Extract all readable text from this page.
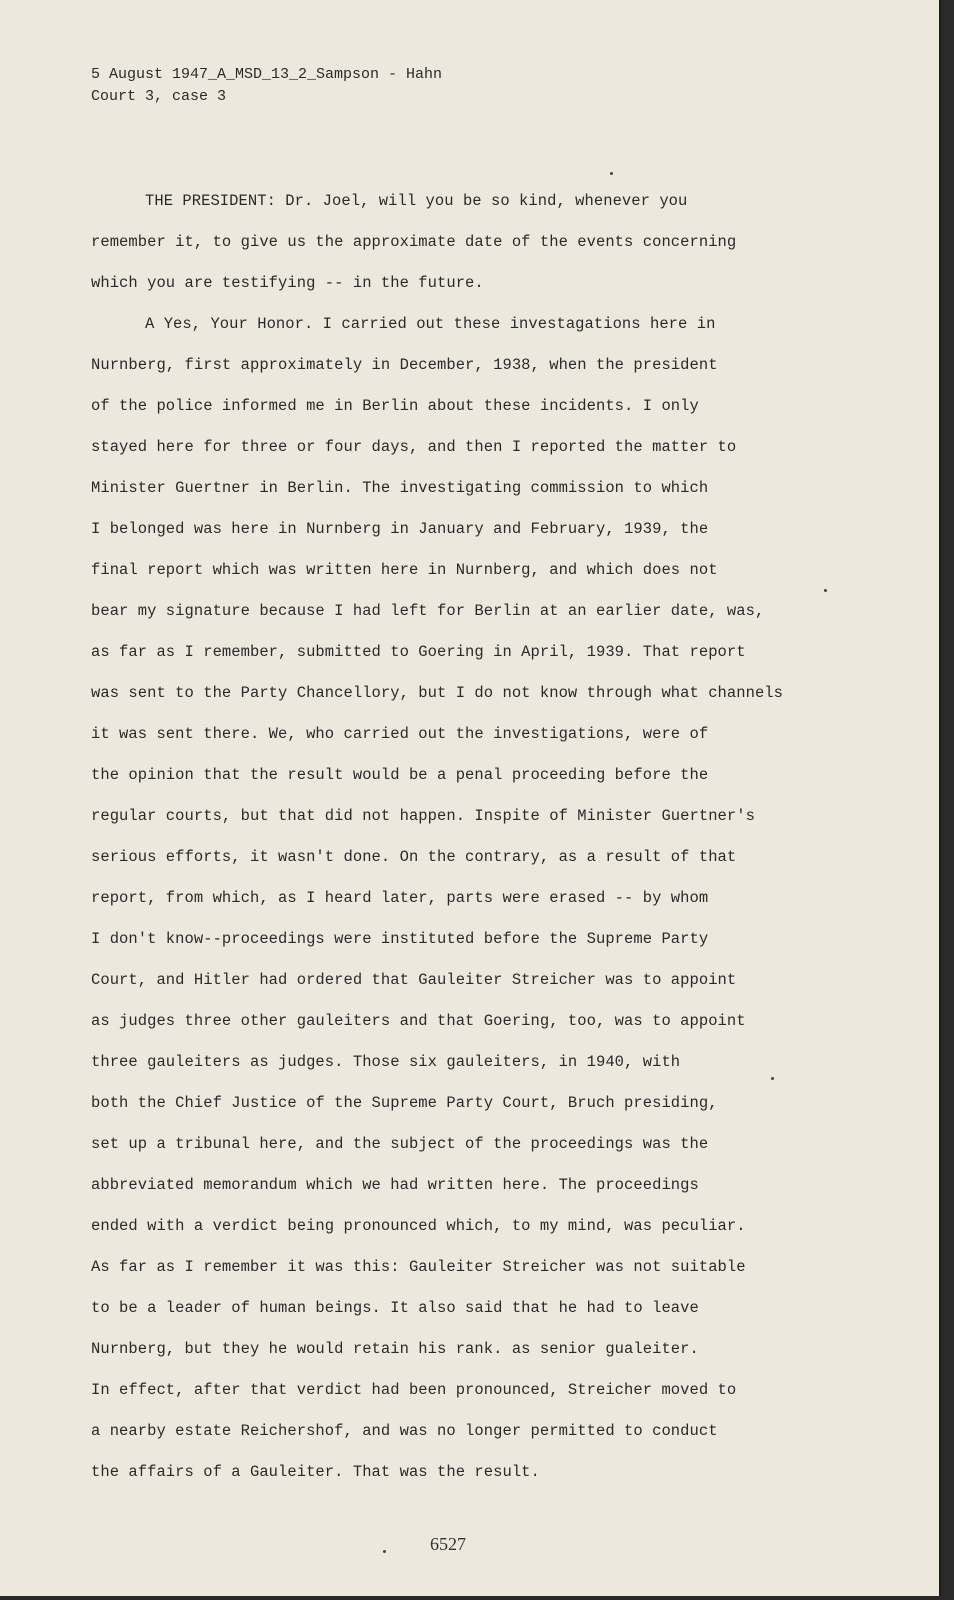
5 August 1947_A_MSD_13_2_Sampson - Hahn
Court 3, case 3
THE PRESIDENT: Dr. Joel, will you be so kind, whenever you
remember it, to give us the approximate date of the events concerning
which you are testifying -- in the future.
A Yes, Your Honor. I carried out these investagations here in
Nurnberg, first approximately in December, 1938, when the president
of the police informed me in Berlin about these incidents. I only
stayed here for three or four days, and then I reported the matter to
Minister Guertner in Berlin. The investigating commission to which
I belonged was here in Nurnberg in January and February, 1939, the
final report which was written here in Nurnberg, and which does not
bear my signature because I had left for Berlin at an earlier date, was,
as far as I remember, submitted to Goering in April, 1939. That report
was sent to the Party Chancellory, but I do not know through what channels
it was sent there. We, who carried out the investigations, were of
the opinion that the result would be a penal proceeding before the
regular courts, but that did not happen. Inspite of Minister Guertner's
serious efforts, it wasn't done. On the contrary, as a result of that
report, from which, as I heard later, parts were erased -- by whom
I don't know--proceedings were instituted before the Supreme Party
Court, and Hitler had ordered that Gauleiter Streicher was to appoint
as judges three other gauleiters and that Goering, too, was to appoint
three gauleiters as judges. Those six gauleiters, in 1940, with
both the Chief Justice of the Supreme Party Court, Bruch presiding,
set up a tribunal here, and the subject of the proceedings was the
abbreviated memorandum which we had written here. The proceedings
ended with a verdict being pronounced which, to my mind, was peculiar.
As far as I remember it was this: Gauleiter Streicher was not suitable
to be a leader of human beings. It also said that he had to leave
Nurnberg, but they he would retain his rank. as senior gualeiter.
In effect, after that verdict had been pronounced, Streicher moved to
a nearby estate Reichershof, and was no longer permitted to conduct
the affairs of a Gauleiter. That was the result.
6527
